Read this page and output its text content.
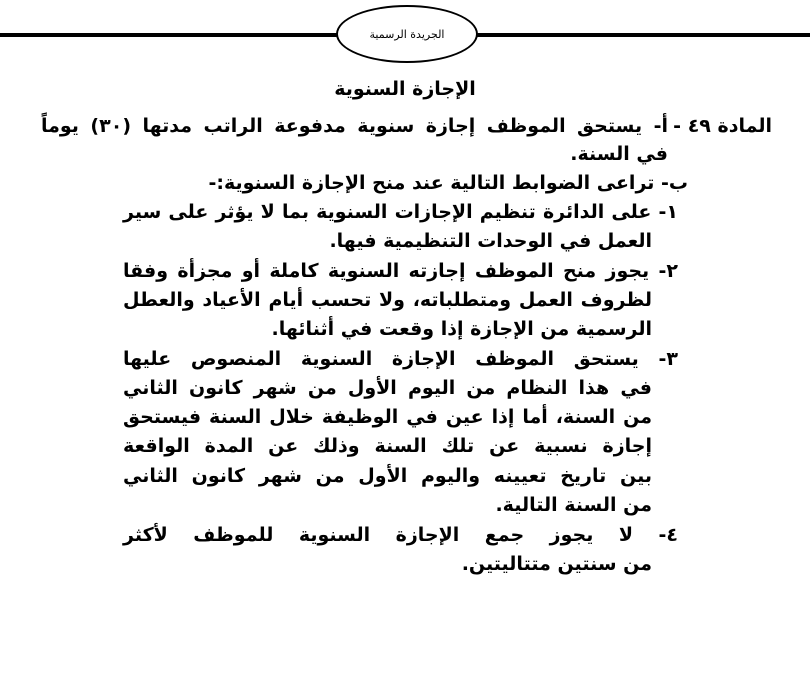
الجريدة الرسمية
الإجازة السنوية
المادة ٤٩ -
أ- يستحق الموظف إجازة سنوية مدفوعة الراتب مدتها (٣٠) يوماً
في السنة.
ب- تراعى الضوابط التالية عند منح الإجازة السنوية:-
١- على الدائرة تنظيم الإجازات السنوية بما لا يؤثر على سير
العمل في الوحدات التنظيمية فيها.
٢- يجوز منح الموظف إجازته السنوية كاملة أو مجزأة وفقا
لظروف العمل ومتطلباته، ولا تحسب أيام الأعياد والعطل
الرسمية من الإجازة إذا وقعت في أثنائها.
٣- يستحق الموظف الإجازة السنوية المنصوص عليها
في هذا النظام من اليوم الأول من شهر كانون الثاني
من السنة، أما إذا عين في الوظيفة خلال السنة فيستحق
إجازة نسبية عن تلك السنة وذلك عن المدة الواقعة
بين تاريخ تعيينه واليوم الأول من شهر كانون الثاني
من السنة التالية.
٤- لا يجوز جمع الإجازة السنوية للموظف لأكثر
من سنتين متتاليتين.
